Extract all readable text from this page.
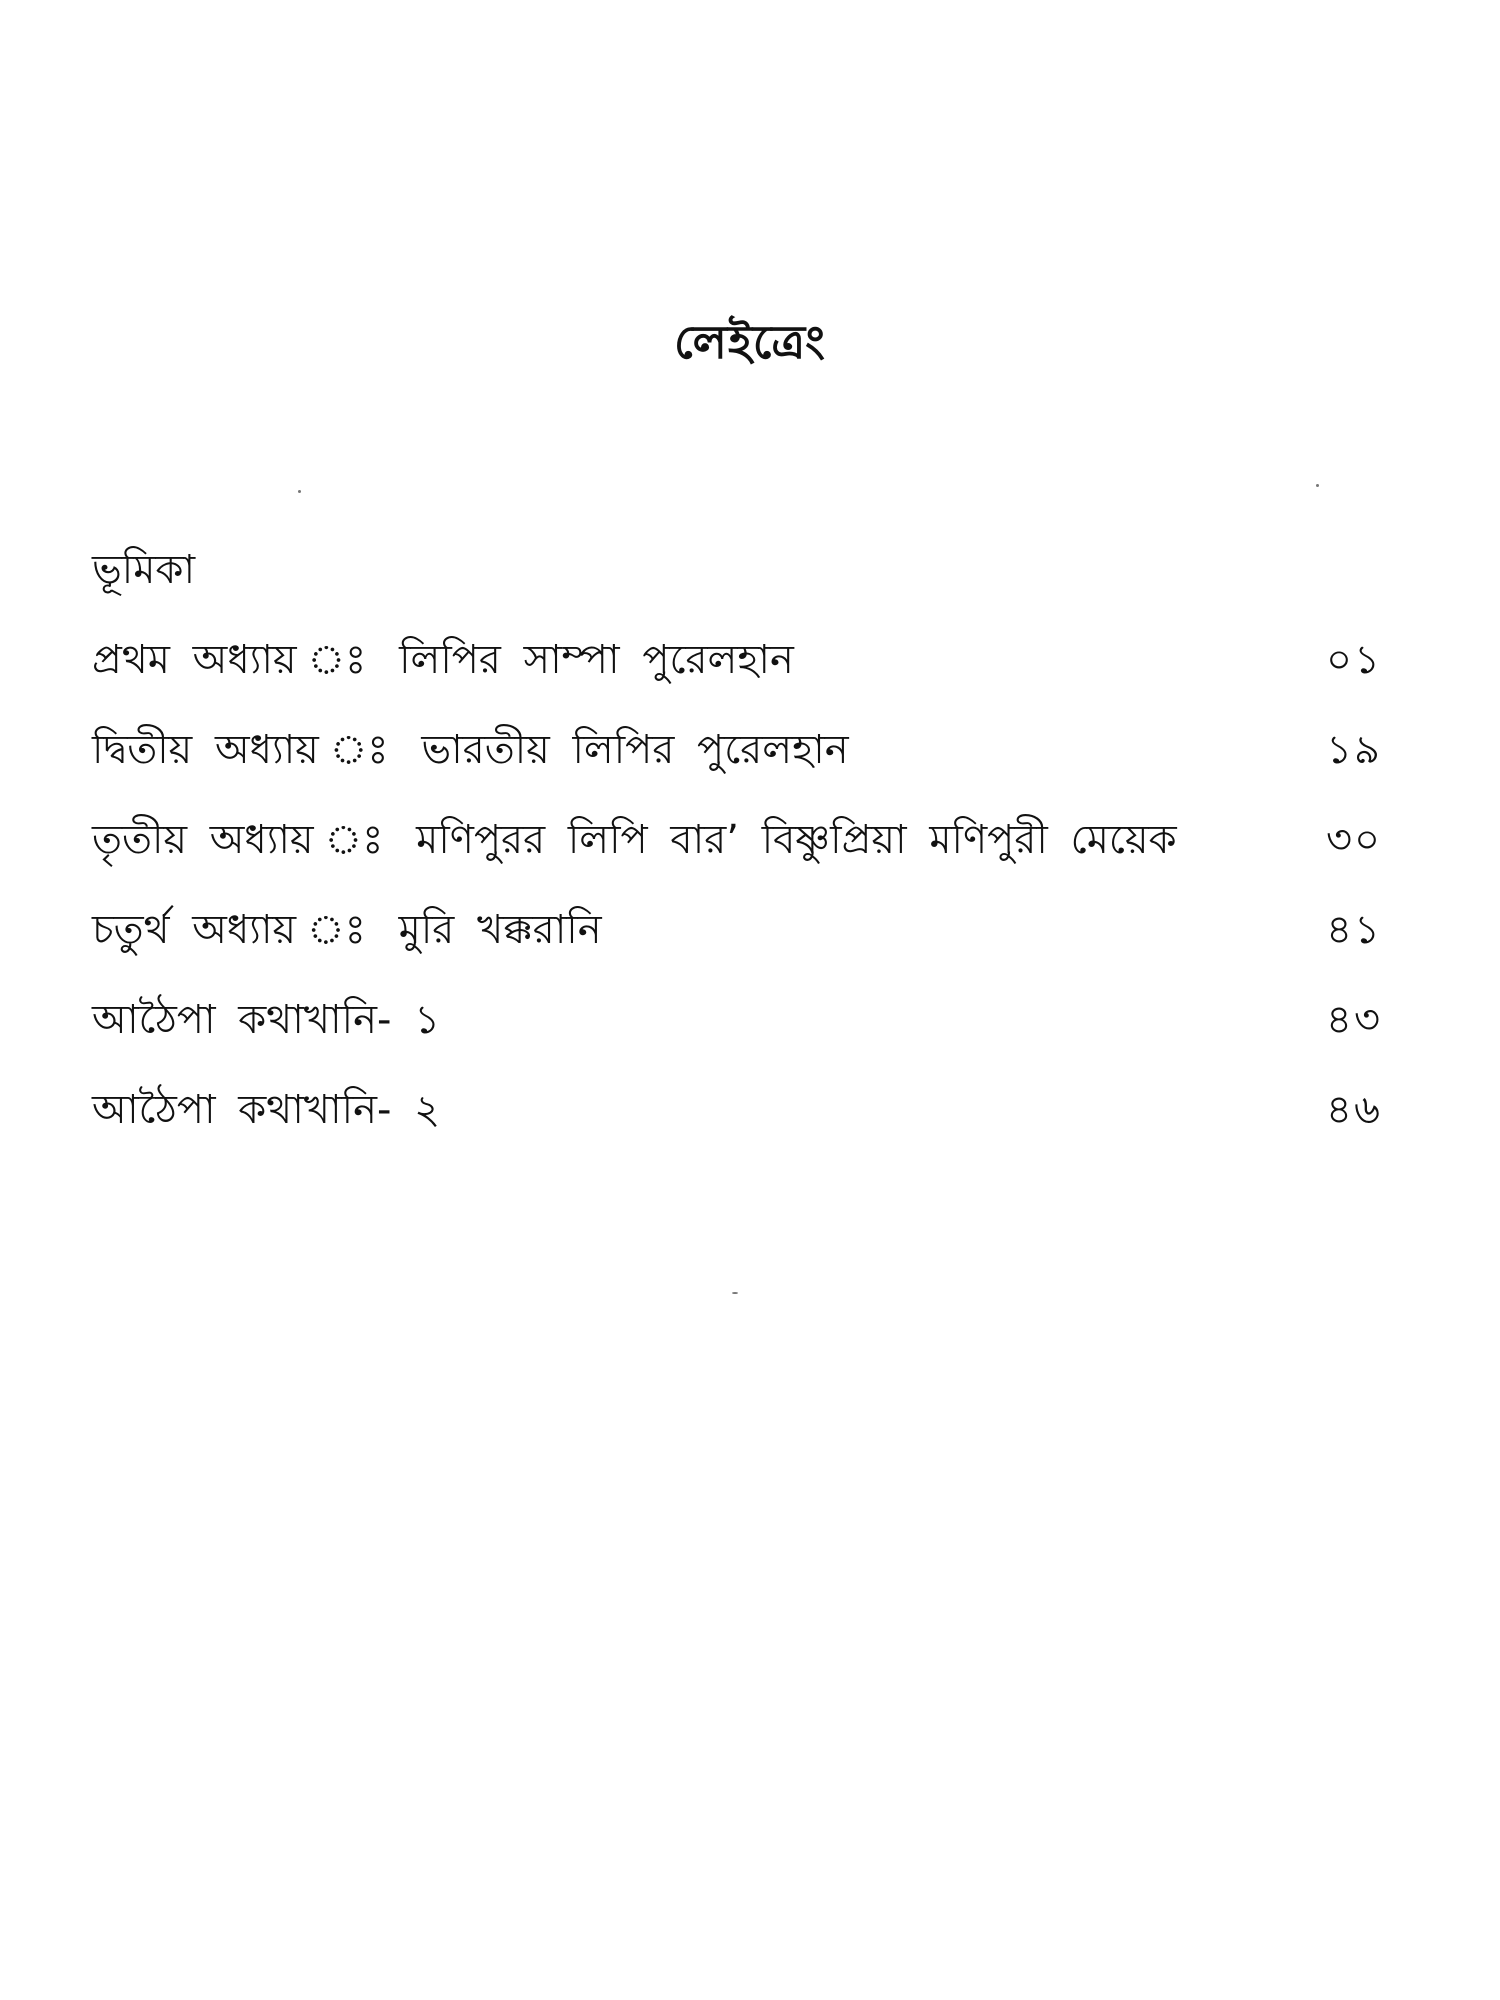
লেইত্রেং
ভূমিকা
প্রথম অধ্যায় ঃ লিপির সাম্পা পুরেলহান	০১
দ্বিতীয় অধ্যায় ঃ ভারতীয় লিপির পুরেলহান	১৯
তৃতীয় অধ্যায় ঃ মণিপুরর লিপি বার’ বিষ্ণুপ্রিয়া মণিপুরী মেয়েক	৩০
চতুর্থ অধ্যায় ঃ মুরি খক্করানি	৪১
আঠৈপা কথাখানি- ১	৪৩
আঠৈপা কথাখানি- ২	৪৬
